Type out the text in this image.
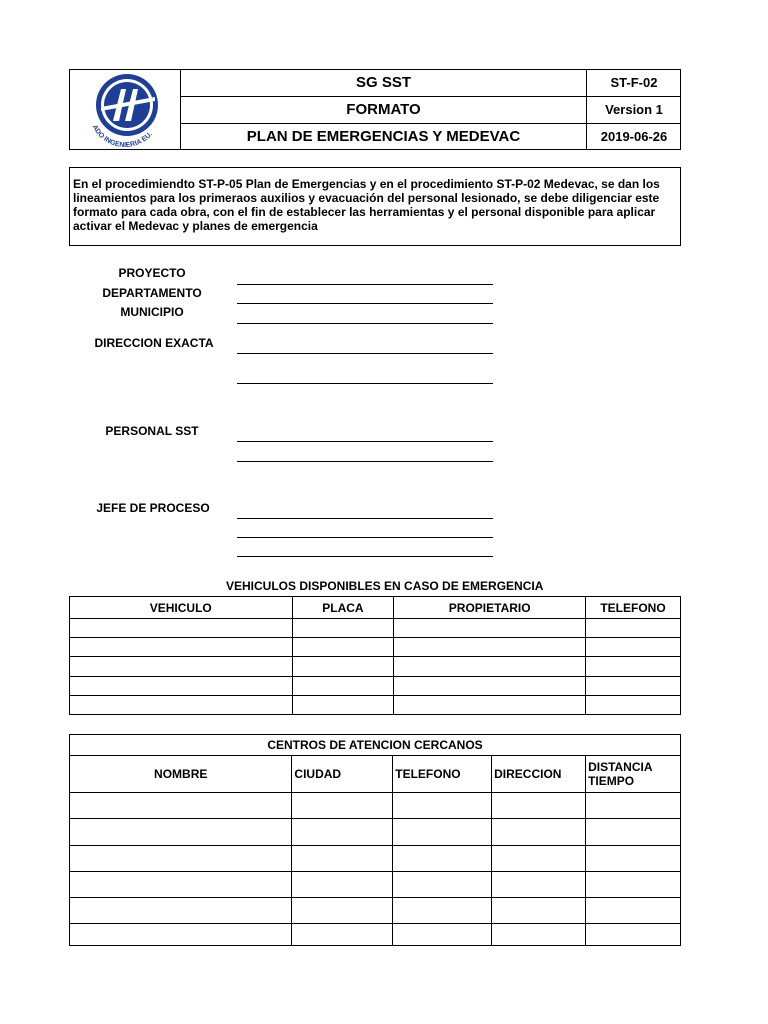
ADO INGENIERIA EU.
SG SST
FORMATO
PLAN DE EMERGENCIAS Y MEDEVAC
ST-F-02
Version 1
2019-06-26
En el procedimiendto ST-P-05 Plan de Emergencias y en el procedimiento ST-P-02 Medevac, se dan los lineamientos para los primeraos auxilios y evacuación del personal lesionado, se debe diligenciar este formato para cada obra, con el fin de establecer las herramientas y el personal disponible para aplicar activar el Medevac y planes de emergencia
PROYECTO
DEPARTAMENTO
MUNICIPIO
DIRECCION EXACTA
PERSONAL SST
JEFE DE PROCESO
VEHICULOS DISPONIBLES EN CASO DE EMERGENCIA
VEHICULO	PLACA	PROPIETARIO	TELEFONO

CENTROS DE ATENCION CERCANOS				
NOMBRE	CIUDAD	TELEFONO	DIRECCION	DISTANCIA
TIEMPO
